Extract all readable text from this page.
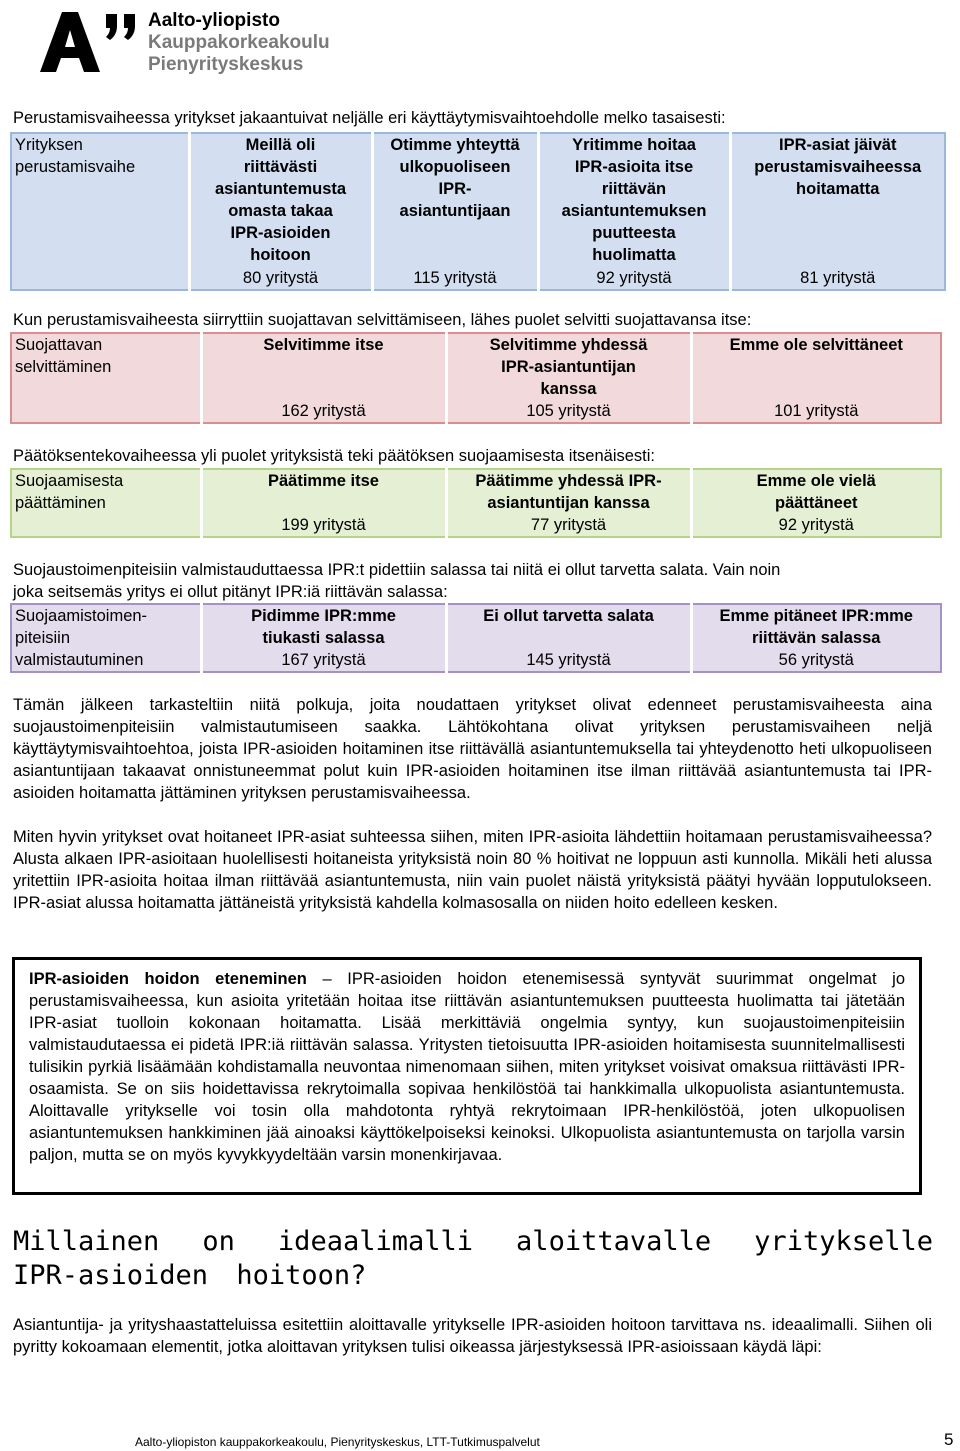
Aalto-yliopisto
Kauppakorkeakoulu
Pienyrityskeskus
Perustamisvaiheessa yritykset jakaantuivat neljälle eri käyttäytymisvaihtoehdolle melko tasaisesti:
Yrityksen
perustamisvaihe

Meillä oli
riittävästi
asiantuntemusta
omasta takaa
IPR-asioiden
hoitoon
80 yritystä

Otimme yhteyttä
ulkopuoliseen
IPR-
asiantuntijaan
115 yritystä

Yritimme hoitaa
IPR-asioita itse
riittävän
asiantuntemuksen
puutteesta
huolimatta
92 yritystä

IPR-asiat jäivät
perustamisvaiheessa
hoitamatta
81 yritystä
Kun perustamisvaiheesta siirryttiin suojattavan selvittämiseen, lähes puolet selvitti suojattavansa itse:
Suojattavan
selvittäminen

Selvitimme itse
162 yritystä

Selvitimme yhdessä
IPR-asiantuntijan
kanssa
105 yritystä

Emme ole selvittäneet
101 yritystä
Päätöksentekovaiheessa yli puolet yrityksistä teki päätöksen suojaamisesta itsenäisesti:
Suojaamisesta
päättäminen

Päätimme itse
199 yritystä

Päätimme yhdessä IPR-
asiantuntijan kanssa
77 yritystä

Emme ole vielä
päättäneet
92 yritystä
Suojaustoimenpiteisiin valmistauduttaessa IPR:t pidettiin salassa tai niitä ei ollut tarvetta salata. Vain noin
joka seitsemäs yritys ei ollut pitänyt IPR:iä riittävän salassa:
Suojaamistoimen-
piteisiin
valmistautuminen

Pidimme IPR:mme
tiukasti salassa
167 yritystä

Ei ollut tarvetta salata
145 yritystä

Emme pitäneet IPR:mme
riittävän salassa
56 yritystä

Tämän jälkeen tarkasteltiin niitä polkuja, joita noudattaen yritykset olivat edenneet perustamisvaiheesta aina suojaustoimenpiteisiin valmistautumiseen saakka. Lähtökohtana olivat yrityksen perustamisvaiheen neljä käyttäytymisvaihtoehtoa, joista IPR-asioiden hoitaminen itse riittävällä asiantuntemuksella tai yhteydenotto heti ulkopuoliseen asiantuntijaan takaavat onnistuneemmat polut kuin IPR-asioiden hoitaminen itse ilman riittävää asiantuntemusta tai IPR-asioiden hoitamatta jättäminen yrityksen perustamisvaiheessa.

Miten hyvin yritykset ovat hoitaneet IPR-asiat suhteessa siihen, miten IPR-asioita lähdettiin hoitamaan perustamisvaiheessa? Alusta alkaen IPR-asioitaan huolellisesti hoitaneista yrityksistä noin 80 % hoitivat ne loppuun asti kunnolla. Mikäli heti alussa yritettiin IPR-asioita hoitaa ilman riittävää asiantuntemusta, niin vain puolet näistä yrityksistä päätyi hyvään lopputulokseen. IPR-asiat alussa hoitamatta jättäneistä yrityksistä kahdella kolmasosalla on niiden hoito edelleen kesken.

IPR-asioiden hoidon eteneminen – IPR-asioiden hoidon etenemisessä syntyvät suurimmat ongelmat jo perustamisvaiheessa, kun asioita yritetään hoitaa itse riittävän asiantuntemuksen puutteesta huolimatta tai jätetään IPR-asiat tuolloin kokonaan hoitamatta. Lisää merkittäviä ongelmia syntyy, kun suojaustoimenpiteisiin valmistaudutaessa ei pidetä IPR:iä riittävän salassa. Yritysten tietoisuutta IPR-asioiden hoitamisesta suunnitelmallisesti tulisikin pyrkiä lisäämään kohdistamalla neuvontaa nimenomaan siihen, miten yritykset voisivat omaksua riittävästi IPR-osaamista. Se on siis hoidettavissa rekrytoimalla sopivaa henkilöstöä tai hankkimalla ulkopuolista asiantuntemusta. Aloittavalle yritykselle voi tosin olla mahdotonta ryhtyä rekrytoimaan IPR-henkilöstöä, joten ulkopuolisen asiantuntemuksen hankkiminen jää ainoaksi käyttökelpoiseksi keinoksi. Ulkopuolista asiantuntemusta on tarjolla varsin paljon, mutta se on myös kyvykkyydeltään varsin monenkirjavaa.
Millainen on ideaalimalli aloittavalle yritykselle IPR-asioiden hoitoon?

Asiantuntija- ja yrityshaastatteluissa esitettiin aloittavalle yritykselle IPR-asioiden hoitoon tarvittava ns. ideaalimalli. Siihen oli pyritty kokoamaan elementit, jotka aloittavan yrityksen tulisi oikeassa järjestyksessä IPR-asioissaan käydä läpi:

Aalto-yliopiston kauppakorkeakoulu, Pienyrityskeskus, LTT-Tutkimuspalvelut	5
